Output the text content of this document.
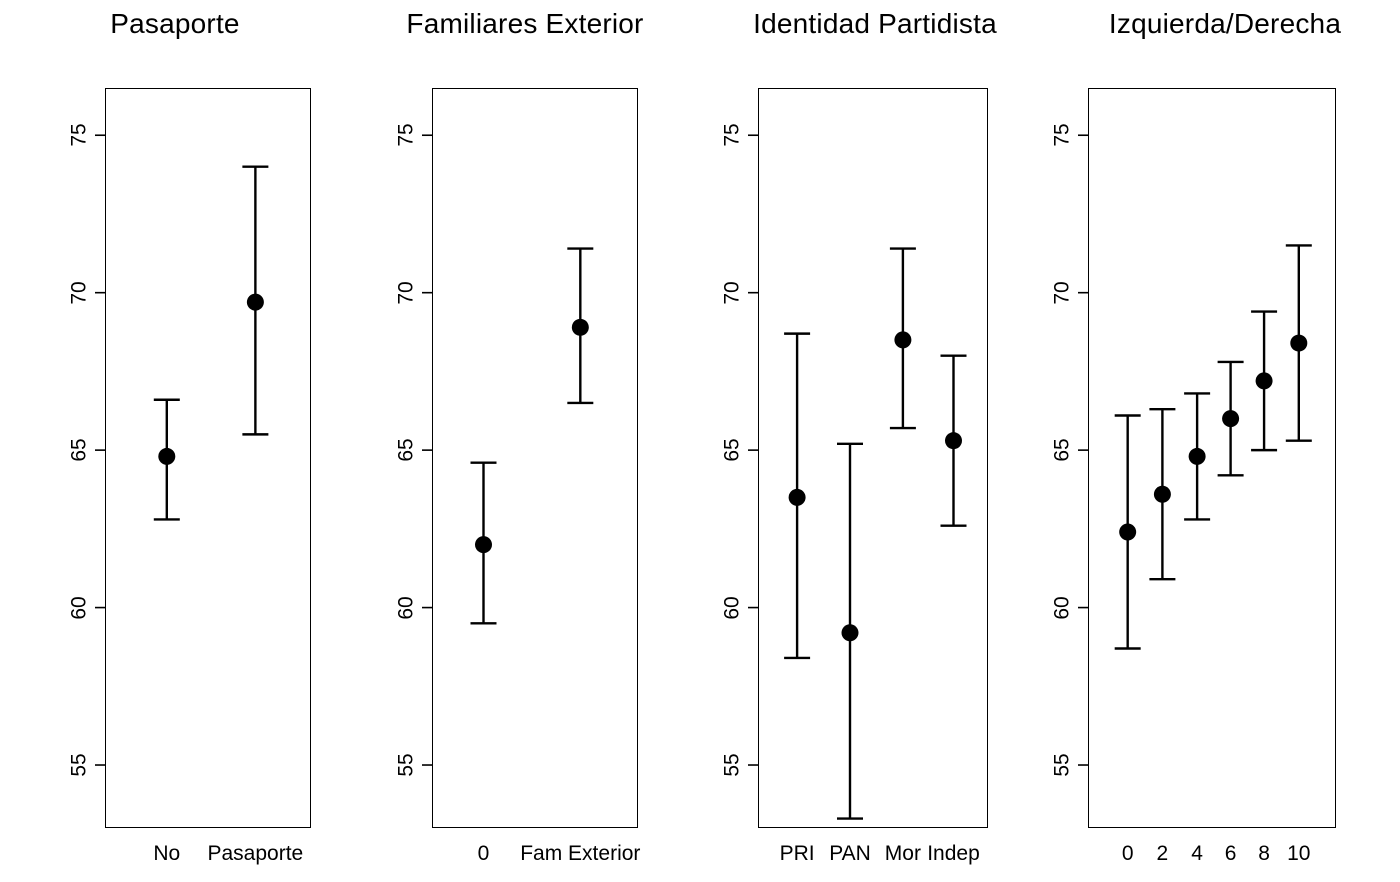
Pasaporte	Familiares Exterior	Identidad Partidista	Izquierda/Derecha
55
60
65
70
75
55
60
65
70
75
55
60
65
70
75
55
60
65
70
75
No	Pasaporte	0	Fam Exterior	PRI PAN Mor Indep	0	2	4	6	8 10
